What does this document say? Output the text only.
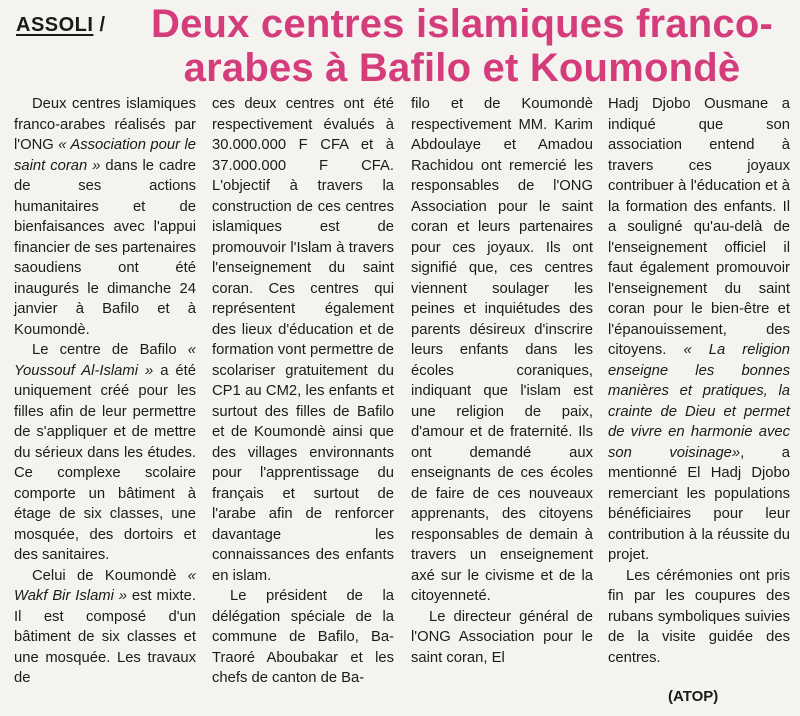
ASSOLI /	Deux centres islamiques franco-
arabes à Bafilo et Koumondè

Deux centres islamiques franco-arabes réalisés par l'ONG « Association pour le saint coran » dans le cadre de ses actions humanitaires et de bienfaisances avec l'appui financier de ses partenaires saoudiens ont été inaugurés le dimanche 24 janvier à Bafilo et à Koumondè.

Le centre de Bafilo « Youssouf Al-Islami » a été uniquement créé pour les filles afin de leur permettre de s'appliquer et de mettre du sérieux dans les études. Ce complexe scolaire comporte un bâtiment à étage de six classes, une mosquée, des dortoirs et des sanitaires.

Celui de Koumondè « Wakf Bir Islami » est mixte. Il est composé d'un bâtiment de six classes et une mosquée. Les travaux de

ces deux centres ont été respectivement évalués à 30.000.000 F CFA et à 37.000.000 F CFA. L'objectif à travers la construction de ces centres islamiques est de promouvoir l'Islam à travers l'enseignement du saint coran. Ces centres qui représentent également des lieux d'éducation et de formation vont permettre de scolariser gratuitement du CP1 au CM2, les enfants et surtout des filles de Bafilo et de Koumondè ainsi que des villages environnants pour l'apprentissage du français et surtout de l'arabe afin de renforcer davantage les connaissances des enfants en islam.

Le président de la délégation spéciale de la commune de Bafilo, Ba-Traoré Aboubakar et les chefs de canton de Ba-

filo et de Koumondè respectivement MM. Karim Abdoulaye et Amadou Rachidou ont remercié les responsables de l'ONG Association pour le saint coran et leurs partenaires pour ces joyaux. Ils ont signifié que, ces centres viennent soulager les peines et inquiétudes des parents désireux d'inscrire leurs enfants dans les écoles coraniques, indiquant que l'islam est une religion de paix, d'amour et de fraternité. Ils ont demandé aux enseignants de ces écoles de faire de ces nouveaux apprenants, des citoyens responsables de demain à travers un enseignement axé sur le civisme et de la citoyenneté.

Le directeur général de l'ONG Association pour le saint coran, El

Hadj Djobo Ousmane a indiqué que son association entend à travers ces joyaux contribuer à l'éducation et à la formation des enfants. Il a souligné qu'au-delà de l'enseignement officiel il faut également promouvoir l'enseignement du saint coran pour le bien-être et l'épanouissement, des citoyens. « La religion enseigne les bonnes manières et pratiques, la crainte de Dieu et permet de vivre en harmonie avec son voisinage», a mentionné El Hadj Djobo remerciant les populations bénéficiaires pour leur contribution à la réussite du projet.

Les cérémonies ont pris fin par les coupures des rubans symboliques suivies de la visite guidée des centres.

(ATOP)
